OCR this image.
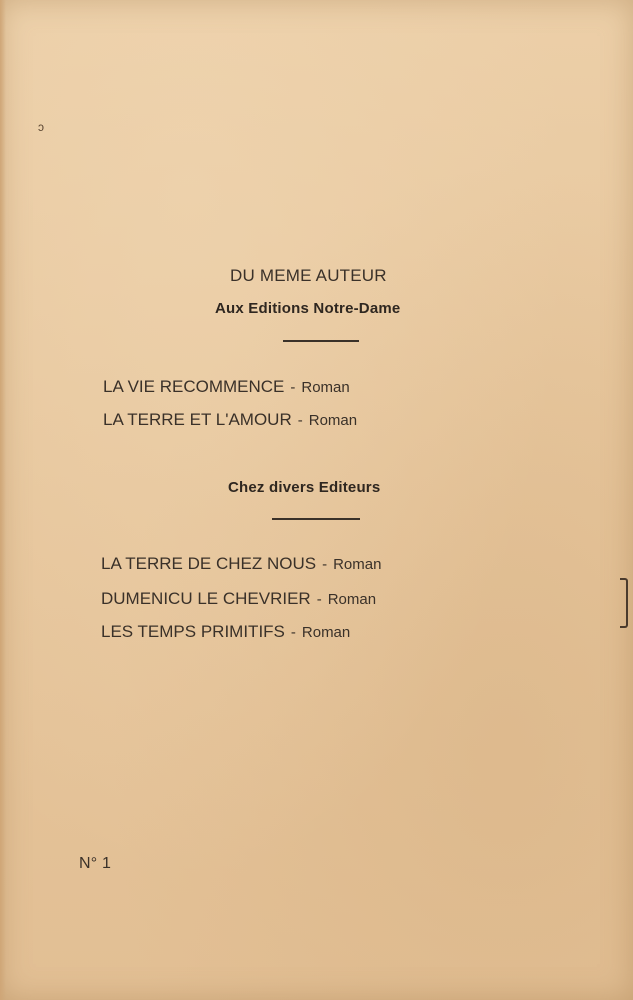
ɔ
DU MEME AUTEUR
Aux Editions Notre-Dame
LA VIE RECOMMENCE - Roman
LA TERRE ET L'AMOUR - Roman
Chez divers Editeurs
LA TERRE DE CHEZ NOUS - Roman
DUMENICU LE CHEVRIER - Roman
LES TEMPS PRIMITIFS - Roman
N° 1
